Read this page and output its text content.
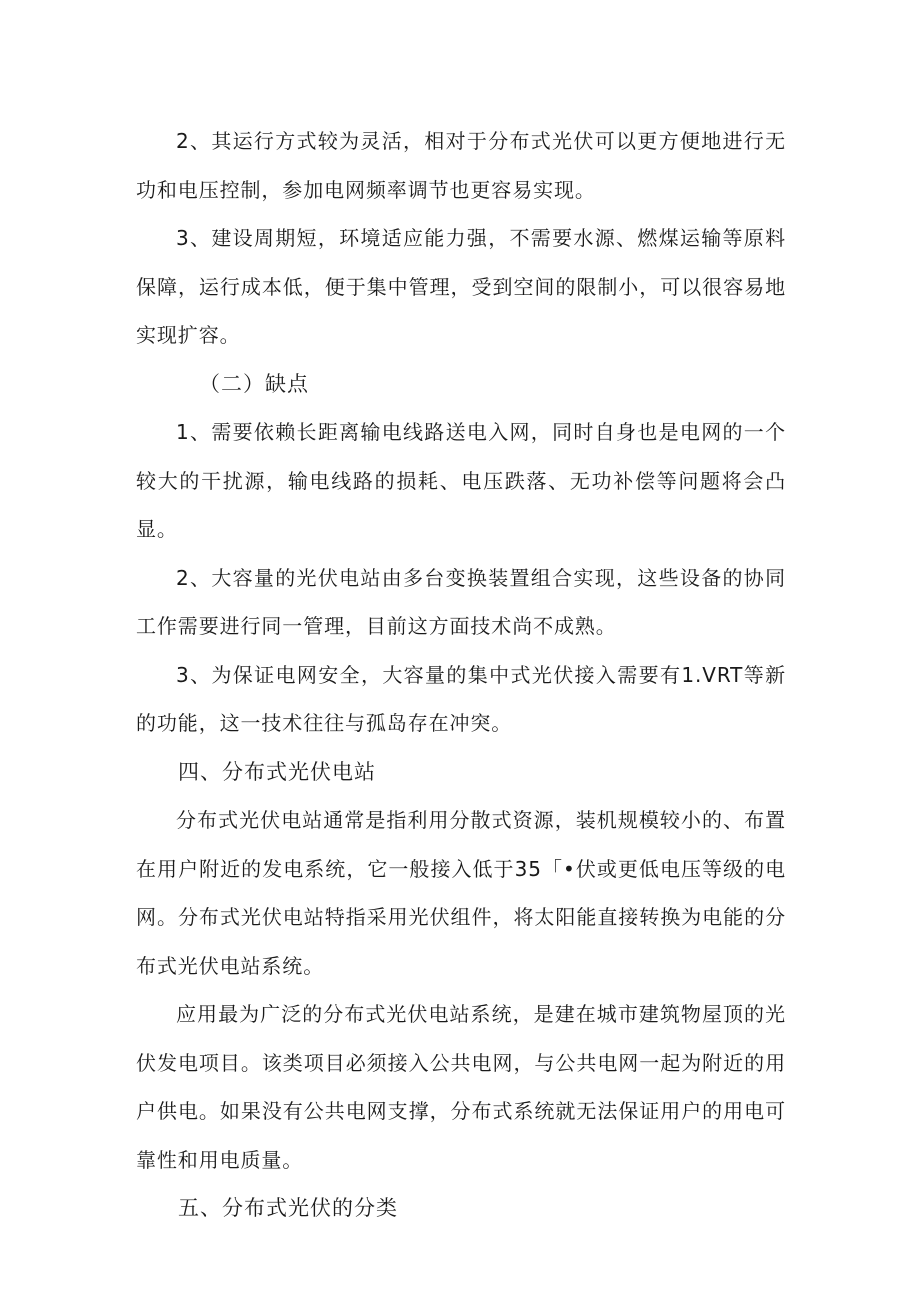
2、其运行方式较为灵活，相对于分布式光伏可以更方便地进行无功和电压控制，参加电网频率调节也更容易实现。

3、建设周期短，环境适应能力强，不需要水源、燃煤运输等原料保障，运行成本低，便于集中管理，受到空间的限制小，可以很容易地实现扩容。

（二）缺点

1、需要依赖长距离输电线路送电入网，同时自身也是电网的一个较大的干扰源，输电线路的损耗、电压跌落、无功补偿等问题将会凸显。

2、大容量的光伏电站由多台变换装置组合实现，这些设备的协同工作需要进行同一管理，目前这方面技术尚不成熟。

3、为保证电网安全，大容量的集中式光伏接入需要有1.VRT等新的功能，这一技术往往与孤岛存在冲突。

四、分布式光伏电站

分布式光伏电站通常是指利用分散式资源，装机规模较小的、布置在用户附近的发电系统，它一般接入低于35「•伏或更低电压等级的电网。分布式光伏电站特指采用光伏组件，将太阳能直接转换为电能的分布式光伏电站系统。

应用最为广泛的分布式光伏电站系统，是建在城市建筑物屋顶的光伏发电项目。该类项目必须接入公共电网，与公共电网一起为附近的用户供电。如果没有公共电网支撑，分布式系统就无法保证用户的用电可靠性和用电质量。

五、分布式光伏的分类
